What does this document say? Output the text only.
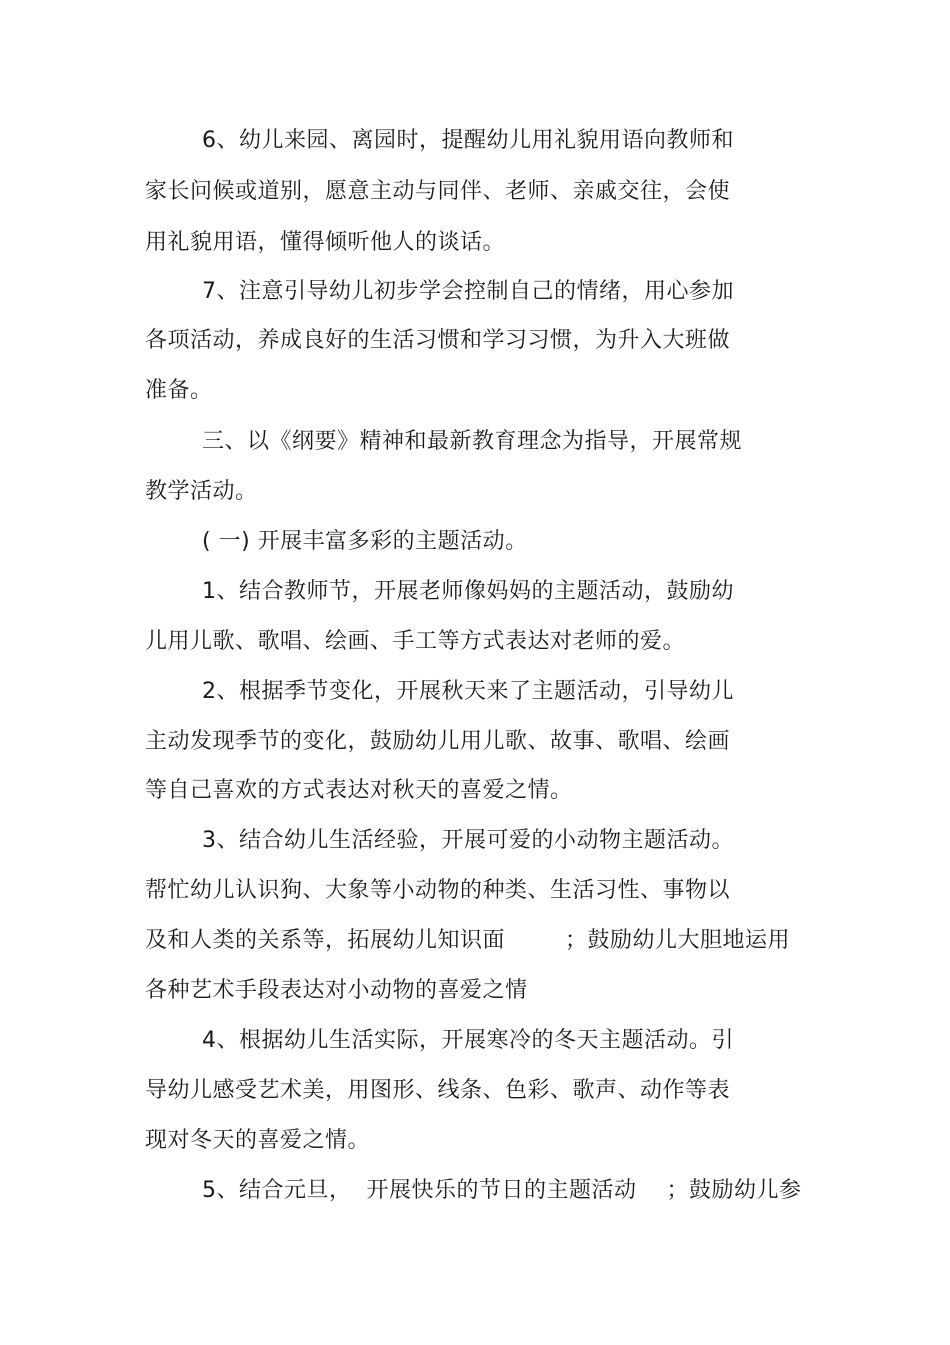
6、幼儿来园、离园时，提醒幼儿用礼貌用语向教师和
家长问候或道别，愿意主动与同伴、老师、亲戚交往，会使
用礼貌用语，懂得倾听他人的谈话。
7、注意引导幼儿初步学会控制自己的情绪，用心参加
各项活动，养成良好的生活习惯和学习习惯，为升入大班做
准备。
三、以《纲要》精神和最新教育理念为指导，开展常规
教学活动。
( 一) 开展丰富多彩的主题活动。
1、结合教师节，开展老师像妈妈的主题活动，鼓励幼
儿用儿歌、歌唱、绘画、手工等方式表达对老师的爱。
2、根据季节变化，开展秋天来了主题活动，引导幼儿
主动发现季节的变化，鼓励幼儿用儿歌、故事、歌唱、绘画
等自己喜欢的方式表达对秋天的喜爱之情。
3、结合幼儿生活经验，开展可爱的小动物主题活动。
帮忙幼儿认识狗、大象等小动物的种类、生活习性、事物以
及和人类的关系等，拓展幼儿知识面        ；鼓励幼儿大胆地运用
各种艺术手段表达对小动物的喜爱之情
4、根据幼儿生活实际，开展寒冷的冬天主题活动。引
导幼儿感受艺术美，用图形、线条、色彩、歌声、动作等表
现对冬天的喜爱之情。
5、结合元旦，  开展快乐的节日的主题活动    ；鼓励幼儿参
